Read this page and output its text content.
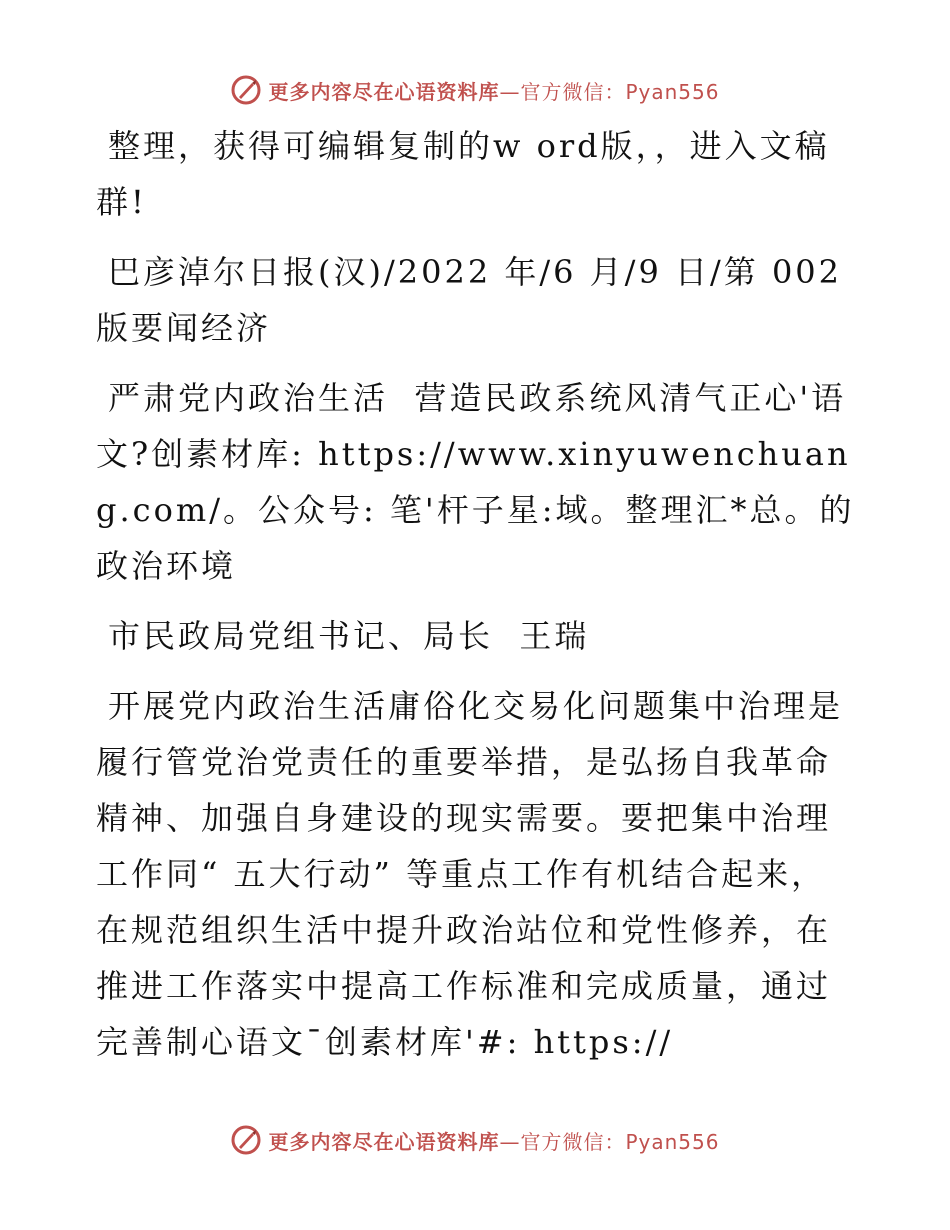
更多内容尽在心语资料库—官方微信：Pyan556

整理，获得可编辑复制的w ord版，，进入文稿群!

巴彦淖尔日报(汉)/2022 年/6 月/9 日/第 002 版要闻经济

严肃党内政治生活  营造民政系统风清气正心'语文?创素材库: https://www.xinyuwenchuang.com/。公众号: 笔'杆子星:域。整理汇*总。的政治环境

市民政局党组书记、局长  王瑞

开展党内政治生活庸俗化交易化问题集中治理是履行管党治党责任的重要举措，是弘扬自我革命精神、加强自身建设的现实需要。要把集中治理工作同“ 五大行动” 等重点工作有机结合起来，在规范组织生活中提升政治站位和党性修养，在推进工作落实中提高工作标准和完成质量，通过完善制心语文¯创素材库'#: https://

更多内容尽在心语资料库—官方微信：Pyan556
